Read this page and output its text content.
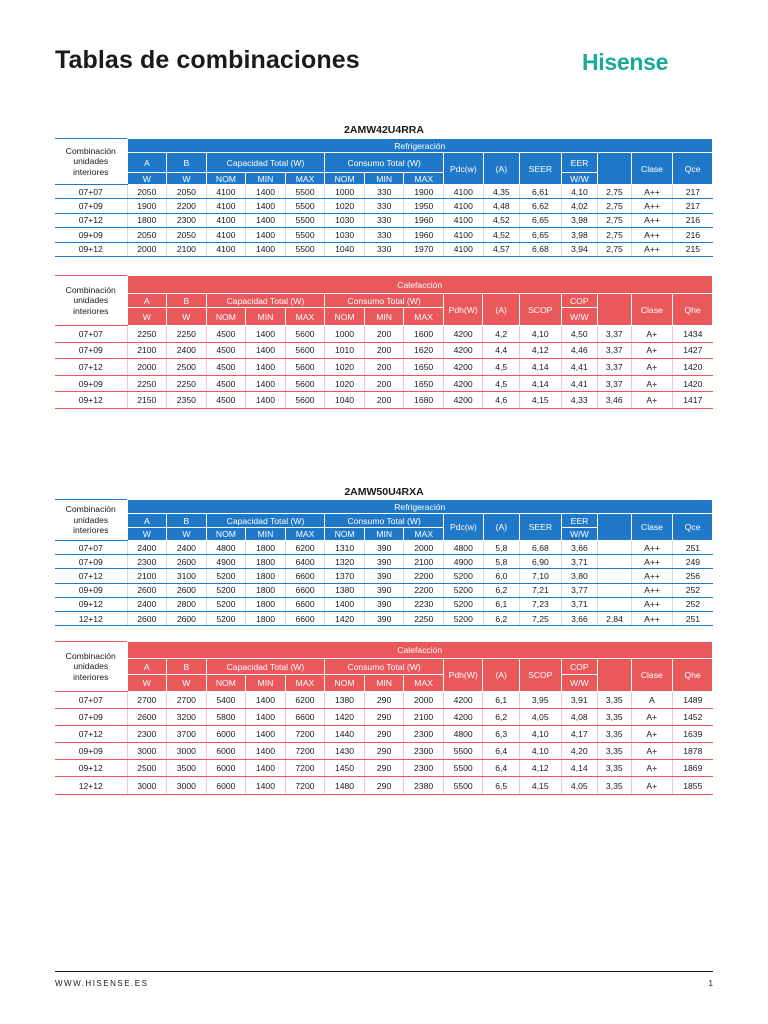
Tablas de combinaciones	Hisense
2AMW42U4RRA
Combinación unidades interiores	Refrigeración														
	A	B	Capacidad Total (W)			Consumo Total (W)			Pdc(w)	(A)	SEER	EER		Clase	Qce
	W	W	NOM	MIN	MAX	NOM	MIN	MAX				W/W			
07+07	2050	2050	4100	1400	5500	1000	330	1900	4100	4,35	6,61	4,10	2,75	A++	217
07+09	1900	2200	4100	1400	5500	1020	330	1950	4100	4,48	6,62	4,02	2,75	A++	217
07+12	1800	2300	4100	1400	5500	1030	330	1960	4100	4,52	6,65	3,98	2,75	A++	216
09+09	2050	2050	4100	1400	5500	1030	330	1960	4100	4,52	6,65	3,98	2,75	A++	216
09+12	2000	2100	4100	1400	5500	1040	330	1970	4100	4,57	6,68	3,94	2,75	A++	215
Combinación unidades interiores	Calefacción														
	A	B	Capacidad Total (W)			Consumo Total (W)			Pdh(W)	(A)	SCOP	COP		Clase	Qhe
	W	W	NOM	MIN	MAX	NOM	MIN	MAX				W/W			
07+07	2250	2250	4500	1400	5600	1000	200	1600	4200	4,2	4,10	4,50	3,37	A+	1434
07+09	2100	2400	4500	1400	5600	1010	200	1620	4200	4,4	4,12	4,46	3,37	A+	1427
07+12	2000	2500	4500	1400	5600	1020	200	1650	4200	4,5	4,14	4,41	3,37	A+	1420
09+09	2250	2250	4500	1400	5600	1020	200	1650	4200	4,5	4,14	4,41	3,37	A+	1420
09+12	2150	2350	4500	1400	5600	1040	200	1680	4200	4,6	4,15	4,33	3,46	A+	1417
2AMW50U4RXA
Combinación unidades interiores	Refrigeración														
	A	B	Capacidad Total (W)			Consumo Total (W)			Pdc(w)	(A)	SEER	EER		Clase	Qce
	W	W	NOM	MIN	MAX	NOM	MIN	MAX				W/W			
07+07	2400	2400	4800	1800	6200	1310	390	2000	4800	5,8	6,68	3,66		A++	251
07+09	2300	2600	4900	1800	6400	1320	390	2100	4900	5,8	6,90	3,71		A++	249
07+12	2100	3100	5200	1800	6600	1370	390	2200	5200	6,0	7,10	3,80		A++	256
09+09	2600	2600	5200	1800	6600	1380	390	2200	5200	6,2	7,21	3,77		A++	252
09+12	2400	2800	5200	1800	6600	1400	390	2230	5200	6,1	7,23	3,71		A++	252
12+12	2600	2600	5200	1800	6600	1420	390	2250	5200	6,2	7,25	3,66	2,84	A++	251
Combinación unidades interiores	Calefacción														
	A	B	Capacidad Total (W)			Consumo Total (W)			Pdh(W)	(A)	SCOP	COP		Clase	Qhe
	W	W	NOM	MIN	MAX	NOM	MIN	MAX				W/W			
07+07	2700	2700	5400	1400	6200	1380	290	2000	4200	6,1	3,95	3,91	3,35	A	1489
07+09	2600	3200	5800	1400	6600	1420	290	2100	4200	6,2	4,05	4,08	3,35	A+	1452
07+12	2300	3700	6000	1400	7200	1440	290	2300	4800	6,3	4,10	4,17	3,35	A+	1639
09+09	3000	3000	6000	1400	7200	1430	290	2300	5500	6,4	4,10	4,20	3,35	A+	1878
09+12	2500	3500	6000	1400	7200	1450	290	2300	5500	6,4	4,12	4,14	3,35	A+	1869
12+12	3000	3000	6000	1400	7200	1480	290	2380	5500	6,5	4,15	4,05	3,35	A+	1855
WWW.HISENSE.ES	1
